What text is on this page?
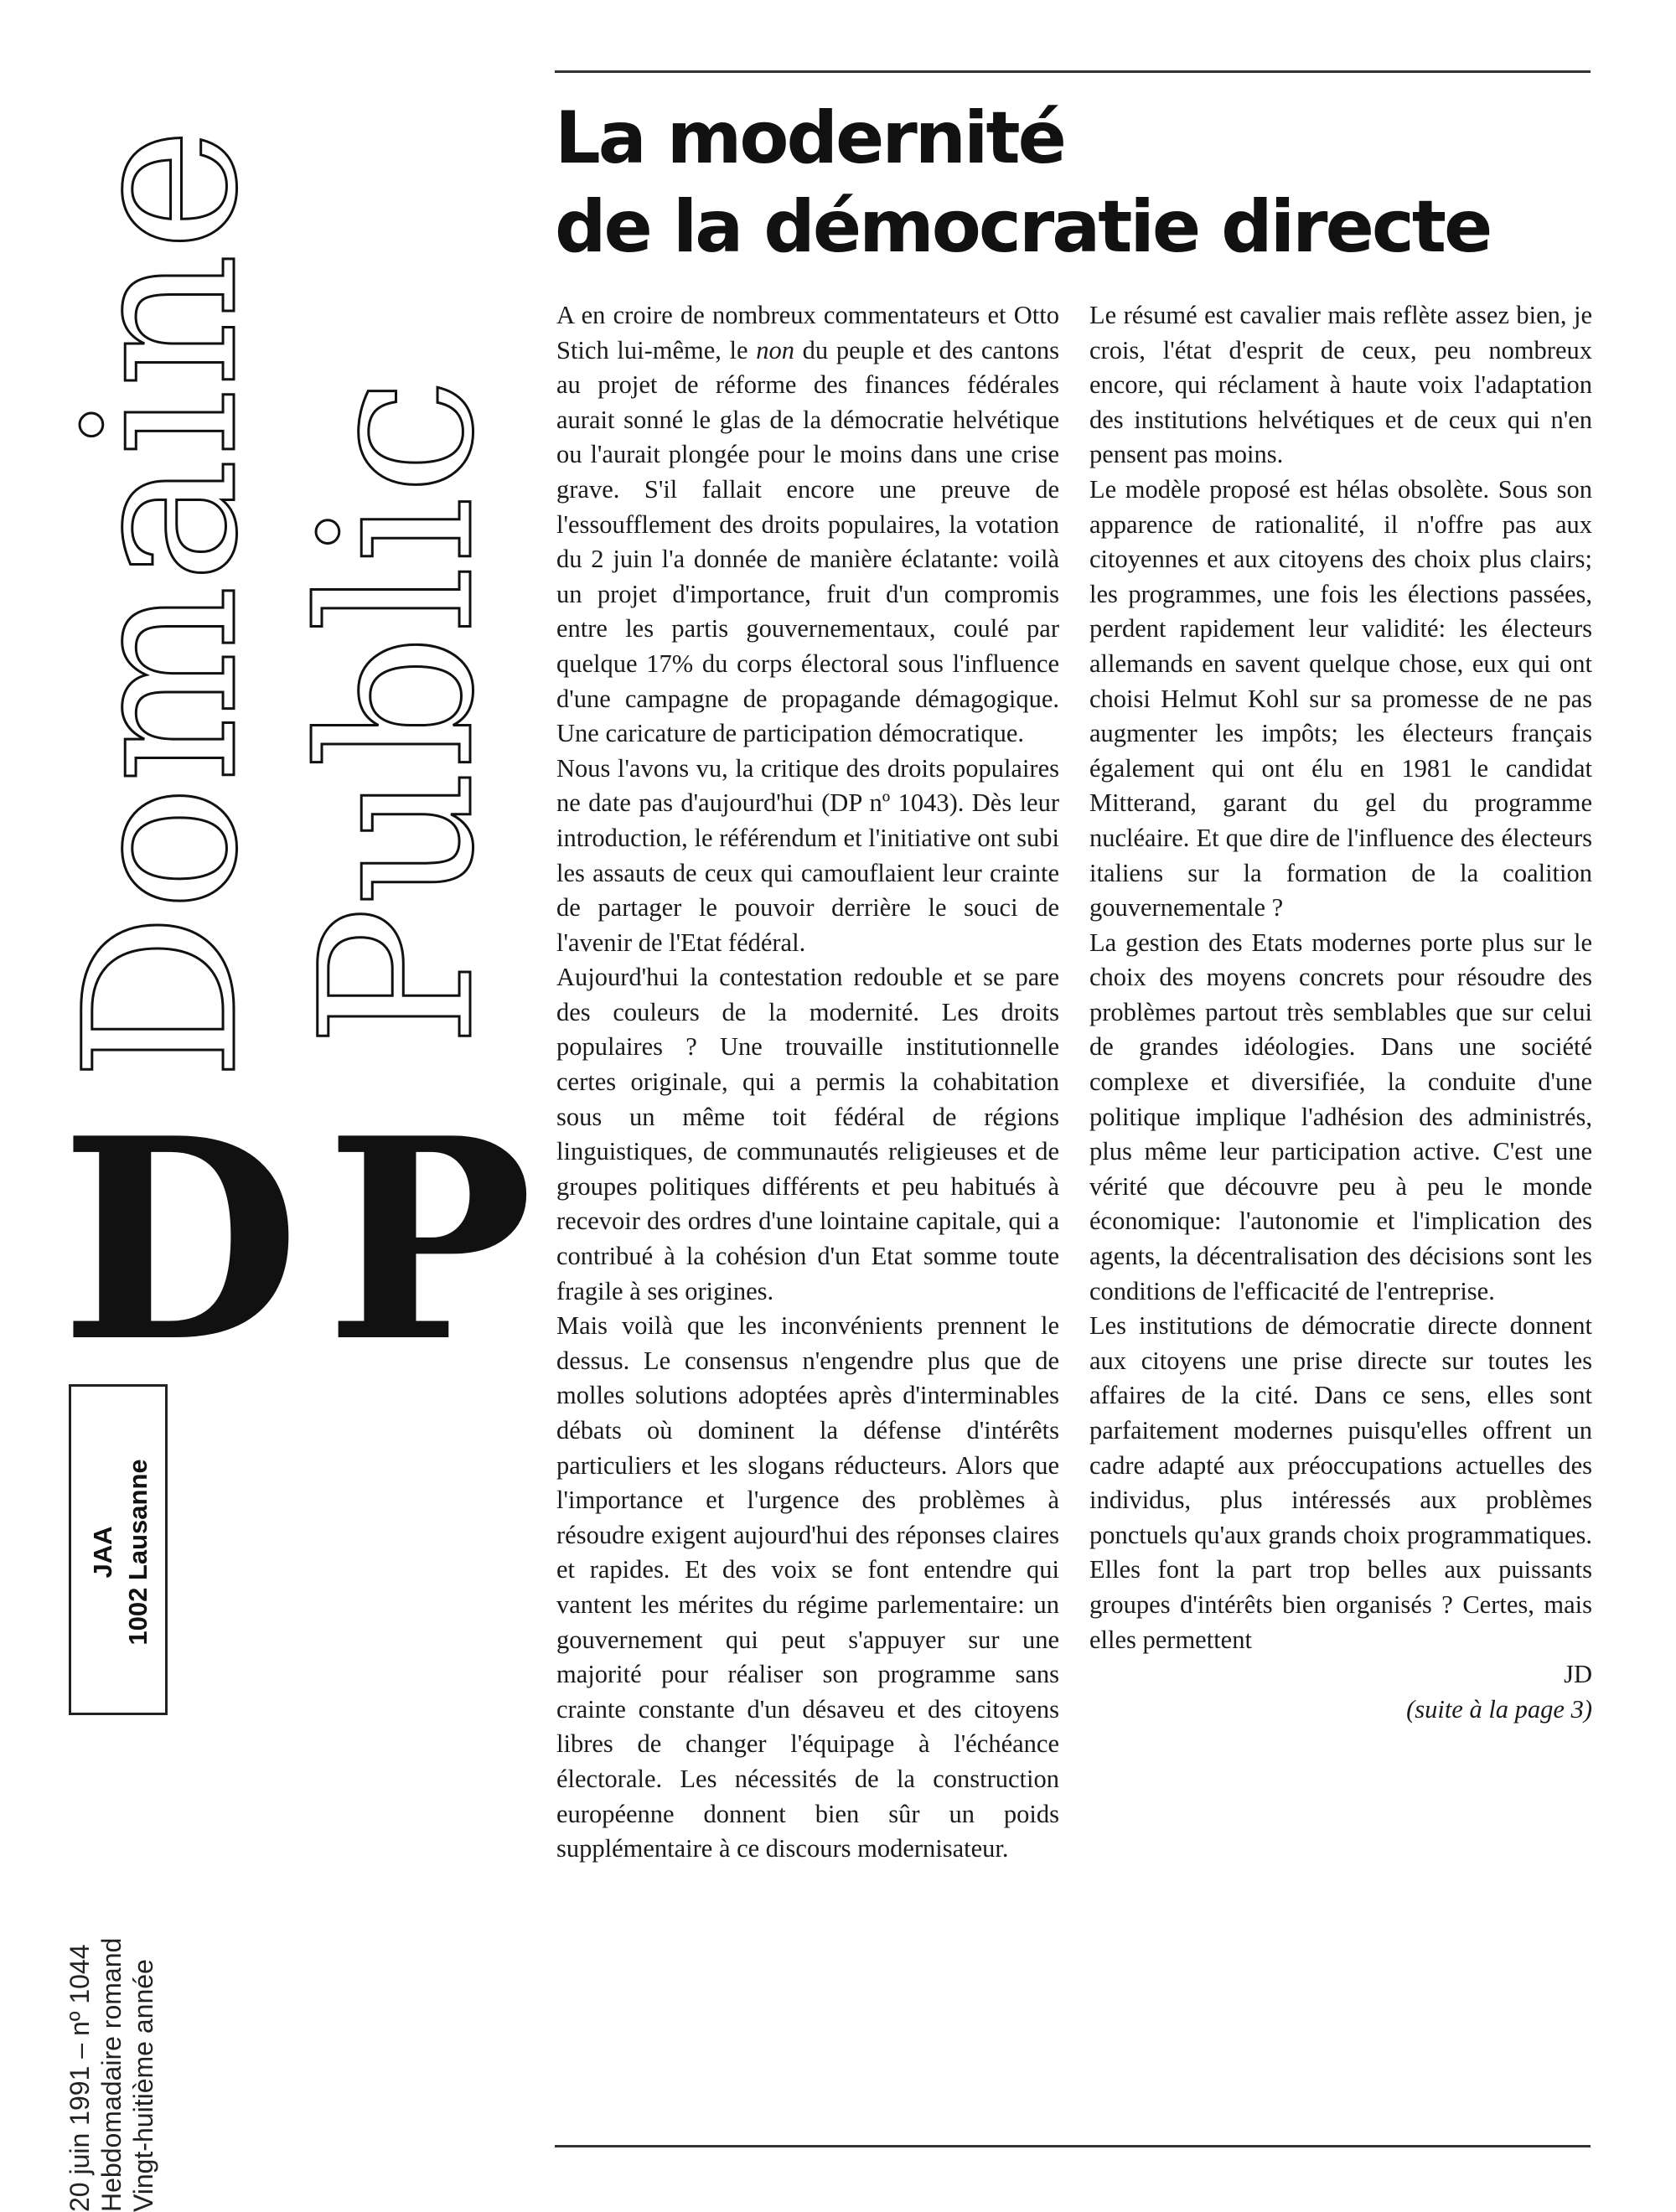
Domaine
Public
DP
JAA 1002 Lausanne
20 juin 1991 – nº 1044 Hebdomadaire romand Vingt-huitième année
La modernité
de la démocratie directe

A en croire de nombreux commentateurs et Otto Stich lui-même, le non du peuple et des cantons au projet de réforme des finances fédérales aurait sonné le glas de la démocratie helvétique ou l'aurait plongée pour le moins dans une crise grave. S'il fallait encore une preuve de l'essoufflement des droits populaires, la votation du 2 juin l'a donnée de manière éclatante: voilà un projet d'importance, fruit d'un compromis entre les partis gouvernementaux, coulé par quelque 17% du corps électoral sous l'influence d'une campagne de propagande démagogique. Une caricature de participation démocratique.

Nous l'avons vu, la critique des droits populaires ne date pas d'aujourd'hui (DP nº 1043). Dès leur introduction, le référendum et l'initiative ont subi les assauts de ceux qui camouflaient leur crainte de partager le pouvoir derrière le souci de l'avenir de l'Etat fédéral.

Aujourd'hui la contestation redouble et se pare des couleurs de la modernité. Les droits populaires ? Une trouvaille institutionnelle certes originale, qui a permis la cohabitation sous un même toit fédéral de régions linguistiques, de communautés religieuses et de groupes politiques différents et peu habitués à recevoir des ordres d'une lointaine capitale, qui a contribué à la cohésion d'un Etat somme toute fragile à ses origines.

Mais voilà que les inconvénients prennent le dessus. Le consensus n'engendre plus que de molles solutions adoptées après d'interminables débats où dominent la défense d'intérêts particuliers et les slogans réducteurs. Alors que l'importance et l'urgence des problèmes à résoudre exigent aujourd'hui des réponses claires et rapides. Et des voix se font entendre qui vantent les mérites du régime parlementaire: un gouvernement qui peut s'appuyer sur une majorité pour réaliser son programme sans crainte constante d'un désaveu et des citoyens libres de changer l'équipage à l'échéance électorale. Les nécessités de la construction européenne donnent bien sûr un poids supplémentaire à ce discours modernisateur.

Le résumé est cavalier mais reflète assez bien, je crois, l'état d'esprit de ceux, peu nombreux encore, qui réclament à haute voix l'adaptation des institutions helvétiques et de ceux qui n'en pensent pas moins.

Le modèle proposé est hélas obsolète. Sous son apparence de rationalité, il n'offre pas aux citoyennes et aux citoyens des choix plus clairs; les programmes, une fois les élections passées, perdent rapidement leur validité: les électeurs allemands en savent quelque chose, eux qui ont choisi Helmut Kohl sur sa promesse de ne pas augmenter les impôts; les électeurs français également qui ont élu en 1981 le candidat Mitterand, garant du gel du programme nucléaire. Et que dire de l'influence des électeurs italiens sur la formation de la coalition gouvernementale ?

La gestion des Etats modernes porte plus sur le choix des moyens concrets pour résoudre des problèmes partout très semblables que sur celui de grandes idéologies. Dans une société complexe et diversifiée, la conduite d'une politique implique l'adhésion des administrés, plus même leur participation active. C'est une vérité que découvre peu à peu le monde économique: l'autonomie et l'implication des agents, la décentralisation des décisions sont les conditions de l'efficacité de l'entreprise.

Les institutions de démocratie directe donnent aux citoyens une prise directe sur toutes les affaires de la cité. Dans ce sens, elles sont parfaitement modernes puisqu'elles offrent un cadre adapté aux préoccupations actuelles des individus, plus intéressés aux problèmes ponctuels qu'aux grands choix programmatiques. Elles font la part trop belles aux puissants groupes d'intérêts bien organisés ? Certes, mais elles permettent

JD

(suite à la page 3)
